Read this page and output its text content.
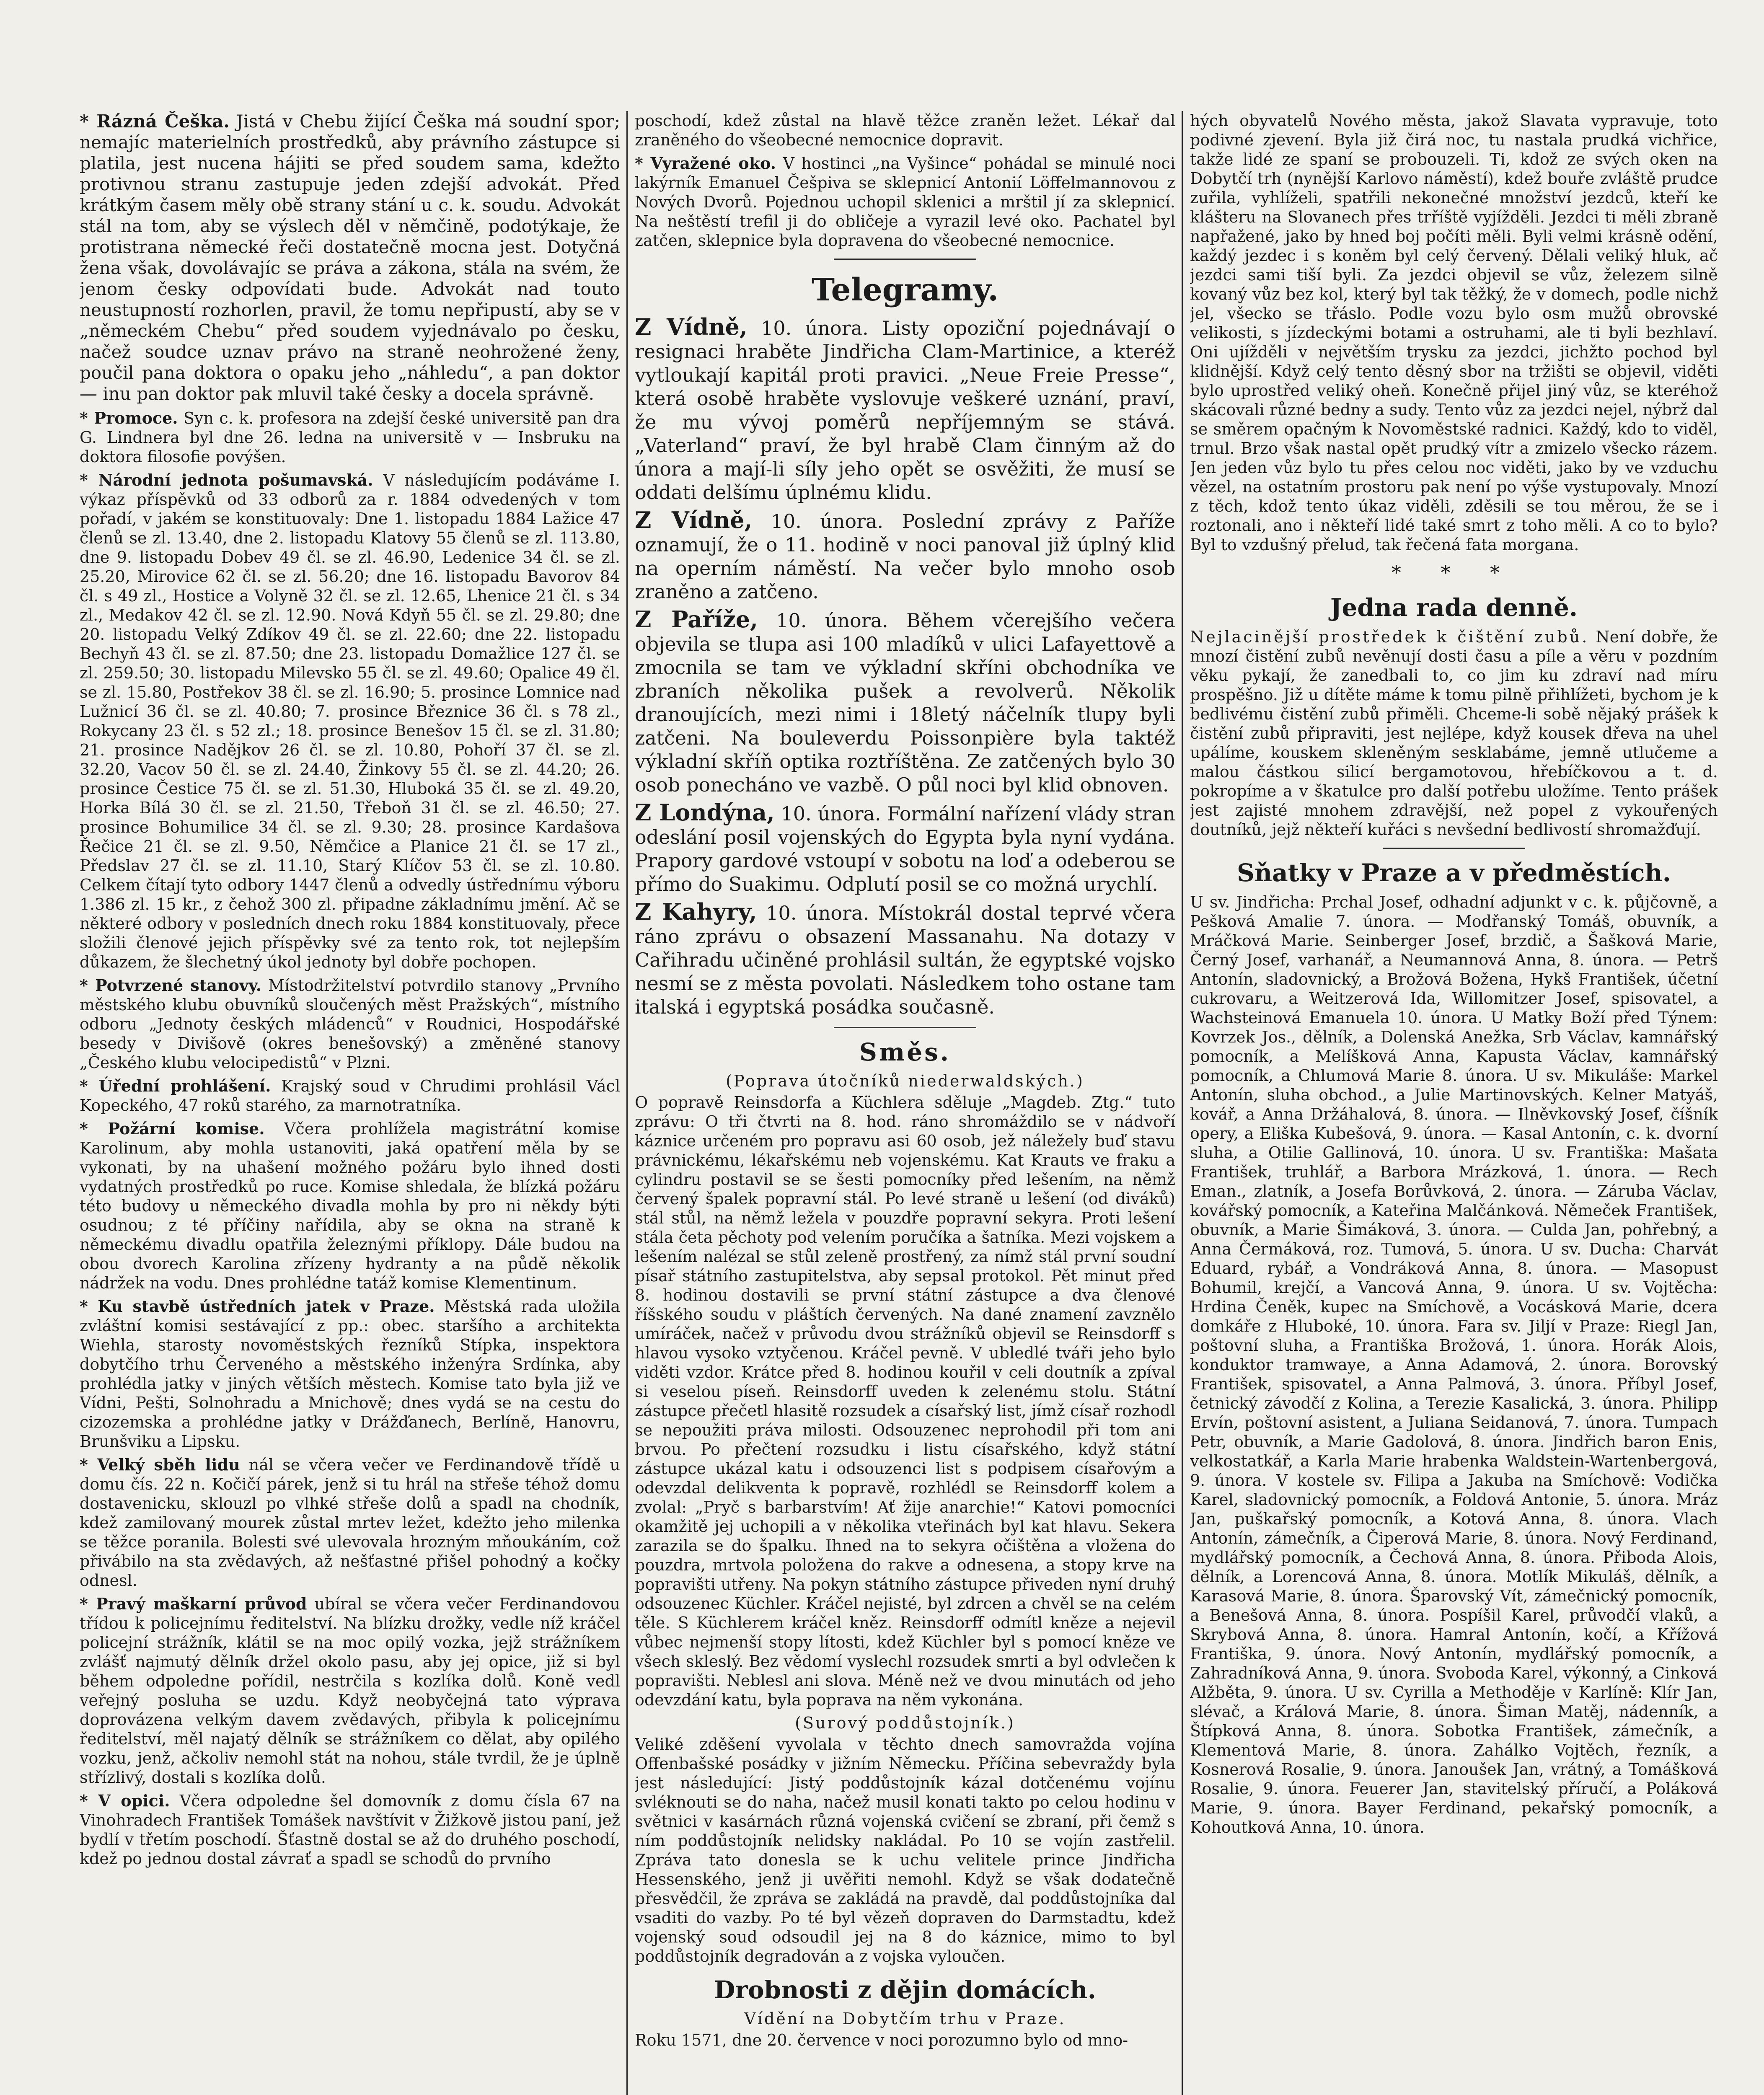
* Rázná Češka. Jistá v Chebu žijící Češka má soudní spor; nemajíc materielních prostředků, aby právního zástupce si platila, jest nucena hájiti se před soudem sama, kdežto protivnou stranu zastupuje jeden zdejší advokát. Před krátkým časem měly obě strany stání u c. k. soudu. Advokát stál na tom, aby se výslech děl v němčině, podotýkaje, že protistrana německé řeči dostatečně mocna jest. Dotyčná žena však, dovolávajíc se práva a zákona, stála na svém, že jenom česky odpovídati bude. Advokát nad touto neustupností rozhorlen, pravil, že tomu nepřipustí, aby se v „německém Chebu“ před soudem vyjednávalo po česku, načež soudce uznav právo na straně neohrožené ženy, poučil pana doktora o opaku jeho „náhledu“, a pan doktor — inu pan doktor pak mluvil také česky a docela správně.

* Promoce. Syn c. k. profesora na zdejší české universitě pan dra G. Lindnera byl dne 26. ledna na universitě v — Insbruku na doktora filosofie povýšen.

* Národní jednota pošumavská. V následujícím podáváme I. výkaz příspěvků od 33 odborů za r. 1884 odvedených v tom pořadí, v jakém se konstituovaly: Dne 1. listopadu 1884 Lažice 47 členů se zl. 13.40, dne 2. listopadu Klatovy 55 členů se zl. 113.80, dne 9. listopadu Dobev 49 čl. se zl. 46.90, Ledenice 34 čl. se zl. 25.20, Mirovice 62 čl. se zl. 56.20; dne 16. listopadu Bavorov 84 čl. s 49 zl., Hostice a Volyně 32 čl. se zl. 12.65, Lhenice 21 čl. s 34 zl., Medakov 42 čl. se zl. 12.90. Nová Kdyň 55 čl. se zl. 29.80; dne 20. listopadu Velký Zdíkov 49 čl. se zl. 22.60; dne 22. listopadu Bechyň 43 čl. se zl. 87.50; dne 23. listopadu Domažlice 127 čl. se zl. 259.50; 30. listopadu Milevsko 55 čl. se zl. 49.60; Opalice 49 čl. se zl. 15.80, Postřekov 38 čl. se zl. 16.90; 5. prosince Lomnice nad Lužnicí 36 čl. se zl. 40.80; 7. prosince Březnice 36 čl. s 78 zl., Rokycany 23 čl. s 52 zl.; 18. prosince Benešov 15 čl. se zl. 31.80; 21. prosince Nadějkov 26 čl. se zl. 10.80, Pohoří 37 čl. se zl. 32.20, Vacov 50 čl. se zl. 24.40, Žinkovy 55 čl. se zl. 44.20; 26. prosince Čestice 75 čl. se zl. 51.30, Hluboká 35 čl. se zl. 49.20, Horka Bílá 30 čl. se zl. 21.50, Třeboň 31 čl. se zl. 46.50; 27. prosince Bohumilice 34 čl. se zl. 9.30; 28. prosince Kardašova Řečice 21 čl. se zl. 9.50, Němčice a Planice 21 čl. se 17 zl., Předslav 27 čl. se zl. 11.10, Starý Klíčov 53 čl. se zl. 10.80. Celkem čítají tyto odbory 1447 členů a odvedly ústřednímu výboru 1.386 zl. 15 kr., z čehož 300 zl. připadne základnímu jmění. Ač se některé odbory v posledních dnech roku 1884 konstituovaly, přece složili členové jejich příspěvky své za tento rok, tot nejlepším důkazem, že šlechetný úkol jednoty byl dobře pochopen.

* Potvrzené stanovy. Místodržitelství potvrdilo stanovy „Prvního městského klubu obuvníků sloučených měst Pražských“, místního odboru „Jednoty českých mládenců“ v Roudnici, Hospodářské besedy v Divišově (okres benešovský) a změněné stanovy „Českého klubu velocipedistů“ v Plzni.

* Úřední prohlášení. Krajský soud v Chrudimi prohlásil Václ Kopeckého, 47 roků starého, za marnotratníka.

* Požární komise. Včera prohlížela magistrátní komise Karolinum, aby mohla ustanoviti, jaká opatření měla by se vykonati, by na uhašení možného požáru bylo ihned dosti vydatných prostředků po ruce. Komise shledala, že blízká požáru této budovy u německého divadla mohla by pro ni někdy býti osudnou; z té příčiny nařídila, aby se okna na straně k německému divadlu opatřila železnými příklopy. Dále budou na obou dvorech Karolina zřízeny hydranty a na půdě několik nádržek na vodu. Dnes prohlédne tatáž komise Klementinum.

* Ku stavbě ústředních jatek v Praze. Městská rada uložila zvláštní komisi sestávající z pp.: obec. staršího a architekta Wiehla, starosty novoměstských řezníků Stípka, inspektora dobytčího trhu Červeného a městského inženýra Srdínka, aby prohlédla jatky v jiných větších městech. Komise tato byla již ve Vídni, Pešti, Solnohradu a Mnichově; dnes vydá se na cestu do cizozemska a prohlédne jatky v Drážďanech, Berlíně, Hanovru, Brunšviku a Lipsku.

* Velký sběh lidu nál se včera večer ve Ferdinandově třídě u domu čís. 22 n. Kočičí párek, jenž si tu hrál na střeše téhož domu dostavenicku, sklouzl po vlhké střeše dolů a spadl na chodník, kdež zamilovaný mourek zůstal mrtev ležet, kdežto jeho milenka se těžce poranila. Bolesti své ulevovala hrozným mňoukáním, což přivábilo na sta zvědavých, až nešťastné přišel pohodný a kočky odnesl.

* Pravý maškarní průvod ubíral se včera večer Ferdinandovou třídou k policejnímu ředitelství. Na blízku drožky, vedle níž kráčel policejní strážník, klátil se na moc opilý vozka, jejž strážníkem zvlášť najmutý dělník držel okolo pasu, aby jej opice, již si byl během odpoledne pořídil, nestrčila s kozlíka dolů. Koně vedl veřejný posluha se uzdu. Když neobyčejná tato výprava doprovázena velkým davem zvědavých, přibyla k policejnímu ředitelství, měl najatý dělník se strážníkem co dělat, aby opilého vozku, jenž, ačkoliv nemohl stát na nohou, stále tvrdil, že je úplně střízlivý, dostali s kozlíka dolů.

* V opici. Včera odpoledne šel domovník z domu čísla 67 na Vinohradech František Tomášek navštívit v Žižkově jistou paní, jež bydlí v třetím poschodí. Šťastně dostal se až do druhého poschodí, kdež po jednou dostal závrať a spadl se schodů do prvního

poschodí, kdež zůstal na hlavě těžce zraněn ležet. Lékař dal zraněného do všeobecné nemocnice dopravit.

* Vyražené oko. V hostinci „na Vyšince“ pohádal se minulé noci lakýrník Emanuel Češpiva se sklepnicí Antonií Löffelmannovou z Nových Dvorů. Pojednou uchopil sklenici a mrštil jí za sklepnicí. Na neštěstí trefil ji do obličeje a vyrazil levé oko. Pachatel byl zatčen, sklepnice byla dopravena do všeobecné nemocnice.

Telegramy.

Z Vídně, 10. února. Listy opoziční pojednávají o resignaci hraběte Jindřicha Clam-Martinice, a kteréž vytloukají kapitál proti pravici. „Neue Freie Presse“, která osobě hraběte vyslovuje veškeré uznání, praví, že mu vývoj poměrů nepříjemným se stává. „Vaterland“ praví, že byl hrabě Clam činným až do února a mají-li síly jeho opět se osvěžiti, že musí se oddati delšímu úplnému klidu.

Z Vídně, 10. února. Poslední zprávy z Paříže oznamují, že o 11. hodině v noci panoval již úplný klid na operním náměstí. Na večer bylo mnoho osob zraněno a zatčeno.

Z Paříže, 10. února. Během včerejšího večera objevila se tlupa asi 100 mladíků v ulici Lafayettově a zmocnila se tam ve výkladní skříni obchodníka ve zbraních několika pušek a revolverů. Několik dranoujících, mezi nimi i 18letý náčelník tlupy byli zatčeni. Na bouleverdu Poissonpière byla taktéž výkladní skříň optika roztříštěna. Ze zatčených bylo 30 osob ponecháno ve vazbě. O půl noci byl klid obnoven.

Z Londýna, 10. února. Formální nařízení vlády stran odeslání posil vojenských do Egypta byla nyní vydána. Prapory gardové vstoupí v sobotu na loď a odeberou se přímo do Suakimu. Odplutí posil se co možná urychlí.

Z Kahyry, 10. února. Místokrál dostal teprvé včera ráno zprávu o obsazení Massanahu. Na dotazy v Cařihradu učiněné prohlásil sultán, že egyptské vojsko nesmí se z města povolati. Následkem toho ostane tam italská i egyptská posádka současně.

Směs.
(Poprava útočníků niederwaldských.)

O popravě Reinsdorfa a Küchlera sděluje „Magdeb. Ztg.“ tuto zprávu: O tři čtvrti na 8. hod. ráno shromáždilo se v nádvoří káznice určeném pro popravu asi 60 osob, jež náležely buď stavu právnickému, lékařskému neb vojenskému. Kat Krauts ve fraku a cylindru postavil se se šesti pomocníky před lešením, na němž červený špalek popravní stál. Po levé straně u lešení (od diváků) stál stůl, na němž ležela v pouzdře popravní sekyra. Proti lešení stála četa pěchoty pod velením poručíka a šatníka. Mezi vojskem a lešením nalézal se stůl zeleně prostřený, za nímž stál první soudní písař státního zastupitelstva, aby sepsal protokol. Pět minut před 8. hodinou dostavili se první státní zástupce a dva členové říšského soudu v pláštích červených. Na dané znamení zavznělo umíráček, načež v průvodu dvou strážníků objevil se Reinsdorff s hlavou vysoko vztyčenou. Kráčel pevně. V ubledlé tváři jeho bylo viděti vzdor. Krátce před 8. hodinou kouřil v celi doutník a zpíval si veselou píseň. Reinsdorff uveden k zelenému stolu. Státní zástupce přečetl hlasitě rozsudek a císařský list, jímž císař rozhodl se nepoužiti práva milosti. Odsouzenec neprohodil při tom ani brvou. Po přečtení rozsudku i listu císařského, když státní zástupce ukázal katu i odsouzenci list s podpisem císařovým a odevzdal delikventa k popravě, rozhlédl se Reinsdorff kolem a zvolal: „Pryč s barbarstvím! Ať žije anarchie!“ Katovi pomocníci okamžitě jej uchopili a v několika vteřinách byl kat hlavu. Sekera zarazila se do špalku. Ihned na to sekyra očištěna a vložena do pouzdra, mrtvola položena do rakve a odnesena, a stopy krve na popravišti utřeny. Na pokyn státního zástupce přiveden nyní druhý odsouzenec Küchler. Kráčel nejisté, byl zdrcen a chvěl se na celém těle. S Küchlerem kráčel kněz. Reinsdorff odmítl kněze a nejevil vůbec nejmenší stopy lítosti, kdež Küchler byl s pomocí kněze ve všech skleslý. Bez vědomí vyslechl rozsudek smrti a byl odvlečen k popravišti. Neblesl ani slova. Méně než ve dvou minutách od jeho odevzdání katu, byla poprava na něm vykonána.

(Surový poddůstojník.)

Veliké zděšení vyvolala v těchto dnech samovražda vojína Offenbašské posádky v jižním Německu. Příčina sebevraždy byla jest následující: Jistý poddůstojník kázal dotčenému vojínu svléknouti se do naha, načež musil konati takto po celou hodinu v světnici v kasárnách různá vojenská cvičení se zbraní, při čemž s ním poddůstojník nelidsky nakládal. Po 10 se vojín zastřelil. Zpráva tato donesla se k uchu velitele prince Jindřicha Hessenského, jenž ji uvěřiti nemohl. Když se však dodatečně přesvědčil, že zpráva se zakládá na pravdě, dal poddůstojníka dal vsaditi do vazby. Po té byl vězeň dopraven do Darmstadtu, kdež vojenský soud odsoudil jej na 8 do káznice, mimo to byl poddůstojník degradován a z vojska vyloučen.

Drobnosti z dějin domácích.
Vídění na Dobytčím trhu v Praze.

Roku 1571, dne 20. července v noci porozumno bylo od mno-

hých obyvatelů Nového města, jakož Slavata vypravuje, toto podivné zjevení. Byla již čirá noc, tu nastala prudká vichřice, takže lidé ze spaní se probouzeli. Ti, kdož ze svých oken na Dobytčí trh (nynější Karlovo náměstí), kdež bouře zvláště prudce zuřila, vyhlíželi, spatřili nekonečné množství jezdců, kteří ke klášteru na Slovanech přes trříště vyjížděli. Jezdci ti měli zbraně napřažené, jako by hned boj počíti měli. Byli velmi krásně odění, každý jezdec i s koněm byl celý červený. Dělali veliký hluk, ač jezdci sami tiší byli. Za jezdci objevil se vůz, železem silně kovaný vůz bez kol, který byl tak těžký, že v domech, podle nichž jel, všecko se třáslo. Podle vozu bylo osm mužů obrovské velikosti, s jízdeckými botami a ostruhami, ale ti byli bezhlaví. Oni ujížděli v největším trysku za jezdci, jichžto pochod byl klidnější. Když celý tento děsný sbor na tržišti se objevil, viděti bylo uprostřed veliký oheň. Konečně přijel jiný vůz, se kteréhož skácovali různé bedny a sudy. Tento vůz za jezdci nejel, nýbrž dal se směrem opačným k Novoměstské radnici. Každý, kdo to viděl, trnul. Brzo však nastal opět prudký vítr a zmizelo všecko rázem. Jen jeden vůz bylo tu přes celou noc viděti, jako by ve vzduchu vězel, na ostatním prostoru pak není po výše vystupovaly. Mnozí z těch, kdož tento úkaz viděli, zděsili se tou měrou, že se i roztonali, ano i někteří lidé také smrt z toho měli. A co to bylo? Byl to vzdušný přelud, tak řečená fata morgana.

* * *
Jedna rada denně.

Nejlacinější prostředek k čištění zubů. Není dobře, že mnozí čistění zubů nevěnují dosti času a píle a věru v pozdním věku pykají, že zanedbali to, co jim ku zdraví nad míru prospěšno. Již u dítěte máme k tomu pilně přihlížeti, bychom je k bedlivému čistění zubů přiměli. Chceme-li sobě nějaký prášek k čistění zubů připraviti, jest nejlépe, když kousek dřeva na uhel upálíme, kouskem skleněným sesklabáme, jemně utlučeme a malou částkou silicí bergamotovou, hřebíčkovou a t. d. pokropíme a v škatulce pro další potřebu uložíme. Tento prášek jest zajisté mnohem zdravější, než popel z vykouřených doutníků, jejž někteří kuřáci s nevšední bedlivostí shromažďují.

Sňatky v Praze a v předměstích.

U sv. Jindřicha: Prchal Josef, odhadní adjunkt v c. k. půjčovně, a Pešková Amalie 7. února. — Modřanský Tomáš, obuvník, a Mráčková Marie. Seinberger Josef, brzdič, a Šašková Marie, Černý Josef, varhanář, a Neumannová Anna, 8. února. — Petrš Antonín, sladovnický, a Brožová Božena, Hykš František, účetní cukrovaru, a Weitzerová Ida, Willomitzer Josef, spisovatel, a Wachsteinová Emanuela 10. února. U Matky Boží před Týnem: Kovrzek Jos., dělník, a Dolenská Anežka, Srb Václav, kamnářský pomocník, a Melíšková Anna, Kapusta Václav, kamnářský pomocník, a Chlumová Marie 8. února. U sv. Mikuláše: Markel Antonín, sluha obchod., a Julie Martinovských. Kelner Matyáš, kovář, a Anna Držáhalová, 8. února. — Ilněvkovský Josef, číšník opery, a Eliška Kubešová, 9. února. — Kasal Antonín, c. k. dvorní sluha, a Otilie Gallinová, 10. února. U sv. Františka: Mašata František, truhlář, a Barbora Mrázková, 1. února. — Rech Eman., zlatník, a Josefa Borůvková, 2. února. — Záruba Václav, kovářský pomocník, a Kateřina Malčánková. Němeček František, obuvník, a Marie Šimáková, 3. února. — Culda Jan, pohřebný, a Anna Čermáková, roz. Tumová, 5. února. U sv. Ducha: Charvát Eduard, rybář, a Vondráková Anna, 8. února. — Masopust Bohumil, krejčí, a Vancová Anna, 9. února. U sv. Vojtěcha: Hrdina Čeněk, kupec na Smíchově, a Vocásková Marie, dcera domkáře z Hluboké, 10. února. Fara sv. Jiljí v Praze: Riegl Jan, poštovní sluha, a Františka Brožová, 1. února. Horák Alois, konduktor tramwaye, a Anna Adamová, 2. února. Borovský František, spisovatel, a Anna Palmová, 3. února. Příbyl Josef, četnický závodčí z Kolina, a Terezie Kasalická, 3. února. Philipp Ervín, poštovní asistent, a Juliana Seidanová, 7. února. Tumpach Petr, obuvník, a Marie Gadolová, 8. února. Jindřich baron Enis, velkostatkář, a Karla Marie hrabenka Waldstein-Wartenbergová, 9. února. V kostele sv. Filipa a Jakuba na Smíchově: Vodička Karel, sladovnický pomocník, a Foldová Antonie, 5. února. Mráz Jan, puškařský pomocník, a Kotová Anna, 8. února. Vlach Antonín, zámečník, a Čiperová Marie, 8. února. Nový Ferdinand, mydlářský pomocník, a Čechová Anna, 8. února. Přiboda Alois, dělník, a Lorencová Anna, 8. února. Motlík Mikuláš, dělník, a Karasová Marie, 8. února. Šparovský Vít, zámečnický pomocník, a Benešová Anna, 8. února. Pospíšil Karel, průvodčí vlaků, a Skrybová Anna, 8. února. Hamral Antonín, kočí, a Křížová Františka, 9. února. Nový Antonín, mydlářský pomocník, a Zahradníková Anna, 9. února. Svoboda Karel, výkonný, a Cinková Alžběta, 9. února. U sv. Cyrilla a Methoděje v Karlíně: Klír Jan, slévač, a Králová Marie, 8. února. Šiman Matěj, nádenník, a Štípková Anna, 8. února. Sobotka František, zámečník, a Klementová Marie, 8. února. Zahálko Vojtěch, řezník, a Kosnerová Rosalie, 9. února. Janoušek Jan, vrátný, a Tomášková Rosalie, 9. února. Feuerer Jan, stavitelský příručí, a Poláková Marie, 9. února. Bayer Ferdinand, pekařský pomocník, a Kohoutková Anna, 10. února.
